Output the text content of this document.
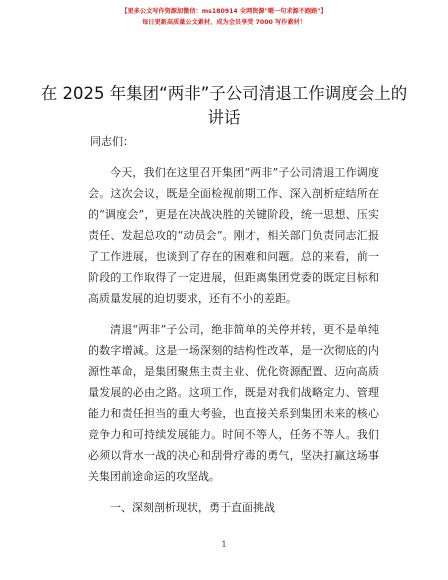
【更多公文写作资源加微信：ms180914 全网资源"嗯一句求源不跑路"】
每日更新高质量公文素材，成为会员享受 7000 写作素材！
在 2025 年集团“两非”子公司清退工作调度会上的讲话

同志们：

今天，我们在这里召开集团“两非”子公司清退工作调度会。这次会议，既是全面检视前期工作、深入剖析症结所在的“调度会”，更是在决战决胜的关键阶段，统一思想、压实责任、发起总攻的“动员会”。刚才，相关部门负责同志汇报了工作进展，也谈到了存在的困难和问题。总的来看，前一阶段的工作取得了一定进展，但距离集团党委的既定目标和高质量发展的迫切要求，还有不小的差距。

清退“两非”子公司，绝非简单的关停并转，更不是单纯的数字增减。这是一场深刻的结构性改革，是一次彻底的内源性革命，是集团聚焦主责主业、优化资源配置、迈向高质量发展的必由之路。这项工作，既是对我们战略定力、管理能力和责任担当的重大考验，也直接关系到集团未来的核心竞争力和可持续发展能力。时间不等人，任务不等人。我们必须以背水一战的决心和刮骨疗毒的勇气，坚决打赢这场事关集团前途命运的攻坚战。

一、深刻剖析现状，勇于直面挑战

1
